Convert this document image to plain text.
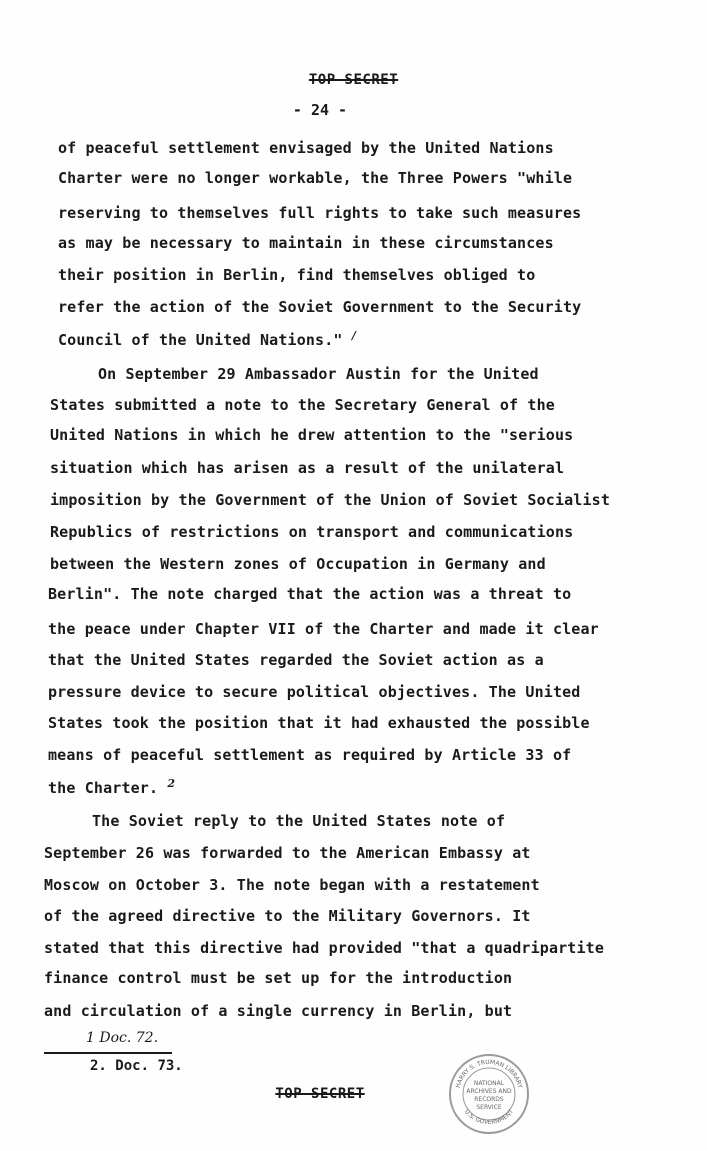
TOP SECRET
- 24 -
of peaceful settlement envisaged by the United Nations
Charter were no longer workable, the Three Powers "while
reserving to themselves full rights to take such measures
as may be necessary to maintain in these circumstances
their position in Berlin, find themselves obliged to
refer the action of the Soviet Government to the Security
Council of the United Nations." /
On September 29 Ambassador Austin for the United
States submitted a note to the Secretary General of the
United Nations in which he drew attention to the "serious
situation which has arisen as a result of the unilateral
imposition by the Government of the Union of Soviet Socialist
Republics of restrictions on transport and communications
between the Western zones of Occupation in Germany and
Berlin". The note charged that the action was a threat to
the peace under Chapter VII of the Charter and made it clear
that the United States regarded the Soviet action as a
pressure device to secure political objectives. The United
States took the position that it had exhausted the possible
means of peaceful settlement as required by Article 33 of
the Charter. $^2$
The Soviet reply to the United States note of
September 26 was forwarded to the American Embassy at
Moscow on October 3. The note began with a restatement
of the agreed directive to the Military Governors. It
stated that this directive had provided "that a quadripartite
finance control must be set up for the introduction
and circulation of a single currency in Berlin, but
1 Doc. 72.
2. Doc. 73.
TOP SECRET
HARRY S. TRUMAN LIBRARY
U.S. GOVERNMENT
NATIONAL
ARCHIVES AND
RECORDS
SERVICE
